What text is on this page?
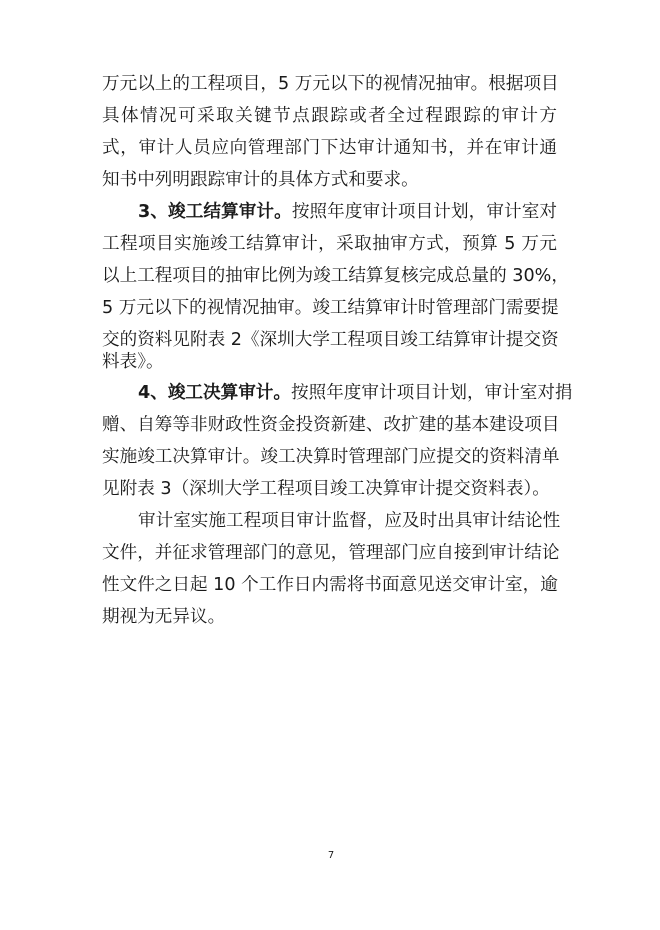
万元以上的工程项目，5 万元以下的视情况抽审。根据项目
具体情况可采取关键节点跟踪或者全过程跟踪的审计方
式，审计人员应向管理部门下达审计通知书，并在审计通
知书中列明跟踪审计的具体方式和要求。
3、竣工结算审计。按照年度审计项目计划，审计室对
工程项目实施竣工结算审计，采取抽审方式，预算 5 万元
以上工程项目的抽审比例为竣工结算复核完成总量的 30%，
5 万元以下的视情况抽审。竣工结算审计时管理部门需要提
交的资料见附表 2《深圳大学工程项目竣工结算审计提交资
料表》。
4、竣工决算审计。按照年度审计项目计划，审计室对捐
赠、自筹等非财政性资金投资新建、改扩建的基本建设项目
实施竣工决算审计。竣工决算时管理部门应提交的资料清单
见附表 3（深圳大学工程项目竣工决算审计提交资料表）。
审计室实施工程项目审计监督，应及时出具审计结论性
文件，并征求管理部门的意见，管理部门应自接到审计结论
性文件之日起 10 个工作日内需将书面意见送交审计室，逾
期视为无异议。
7
